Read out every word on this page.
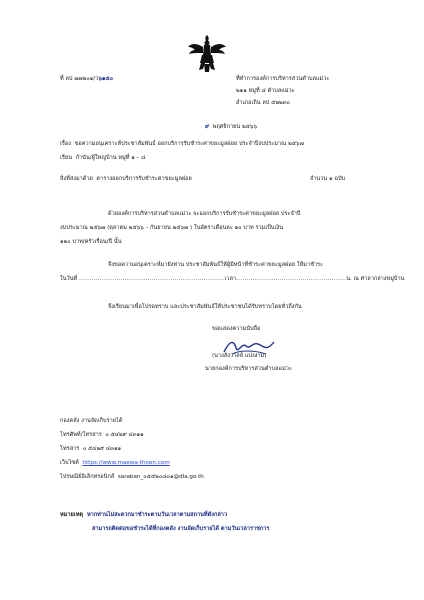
ที่ ลป ๗๗๒๐๑/ว๖๑๕๐	ที่ทำการองค์การบริหารส่วนตำบลแม่วะ
๒๑๑ หมู่ที่ ๘ ตำบลแม่วะ
อำเภอเถิน ลป ๕๒๒๓๐
๙ พฤศจิกายน ๒๕๖๖
เรื่อง ขอความอนุเคราะห์ประชาสัมพันธ์ ออกบริการรับชำระค่าขยะมูลฝอย ประจำปีงบประมาณ ๒๕๖๗
เรียน กำนัน/ผู้ใหญ่บ้าน หมู่ที่ ๑ – ๘
สิ่งที่ส่งมาด้วย ตารางออกบริการรับชำระค่าขยะมูลฝอย	จำนวน ๑ ฉบับ
ด้วยองค์การบริหารส่วนตำบลแม่วะ จะออกบริการรับชำระค่าขยะมูลฝอย ประจำปี
งบประมาณ ๒๕๖๗ (ตุลาคม ๒๕๖๖ – กันยายน ๒๕๖๗ ) ในอัตราเดือนละ ๑๐ บาท รวมเป็นเงิน
๑๒๐ บาท/ครัวเรือน/ปี นั้น
จึงขอความอนุเคราะห์มายังท่าน ประชาสัมพันธ์ให้ผู้มีหน้าที่ชำระค่าขยะมูลฝอย ให้มาชำระ
ในวันที่ ......................................................................เวลา.....................................................น. ณ ศาลากลางหมู่บ้าน
จึงเรียนมาเพื่อโปรดทราบ และประชาสัมพันธ์ให้ประชาชนได้รับทราบโดยทั่วถึงกัน
ขอแสดงความนับถือ
(นางสังวาลย์ แปงงาม)
นายกองค์การบริหารส่วนตำบลแม่วะ
กองคลัง งานจัดเก็บรายได้
โทรศัพท์/โทรสาร ๐ ๕๔๒๙ ๔๓๑๑
โทรสาร ๐ ๕๔๒๙ ๔๓๑๑
เว็บไซต์ https://www.maewa-thoen.com
ไปรษณีย์อิเล็กทรอนิกส์ saraban_๐๕๕๒๐๘๐๑@dla.go.th
หมายเหตุ หากท่านไม่สะดวกมาชำระตามวันเวลาตามสถานที่ดังกล่าว
สามารถติดต่อขอชำระได้ที่กองคลัง งานจัดเก็บรายได้ ตามวันเวลาราชการ
